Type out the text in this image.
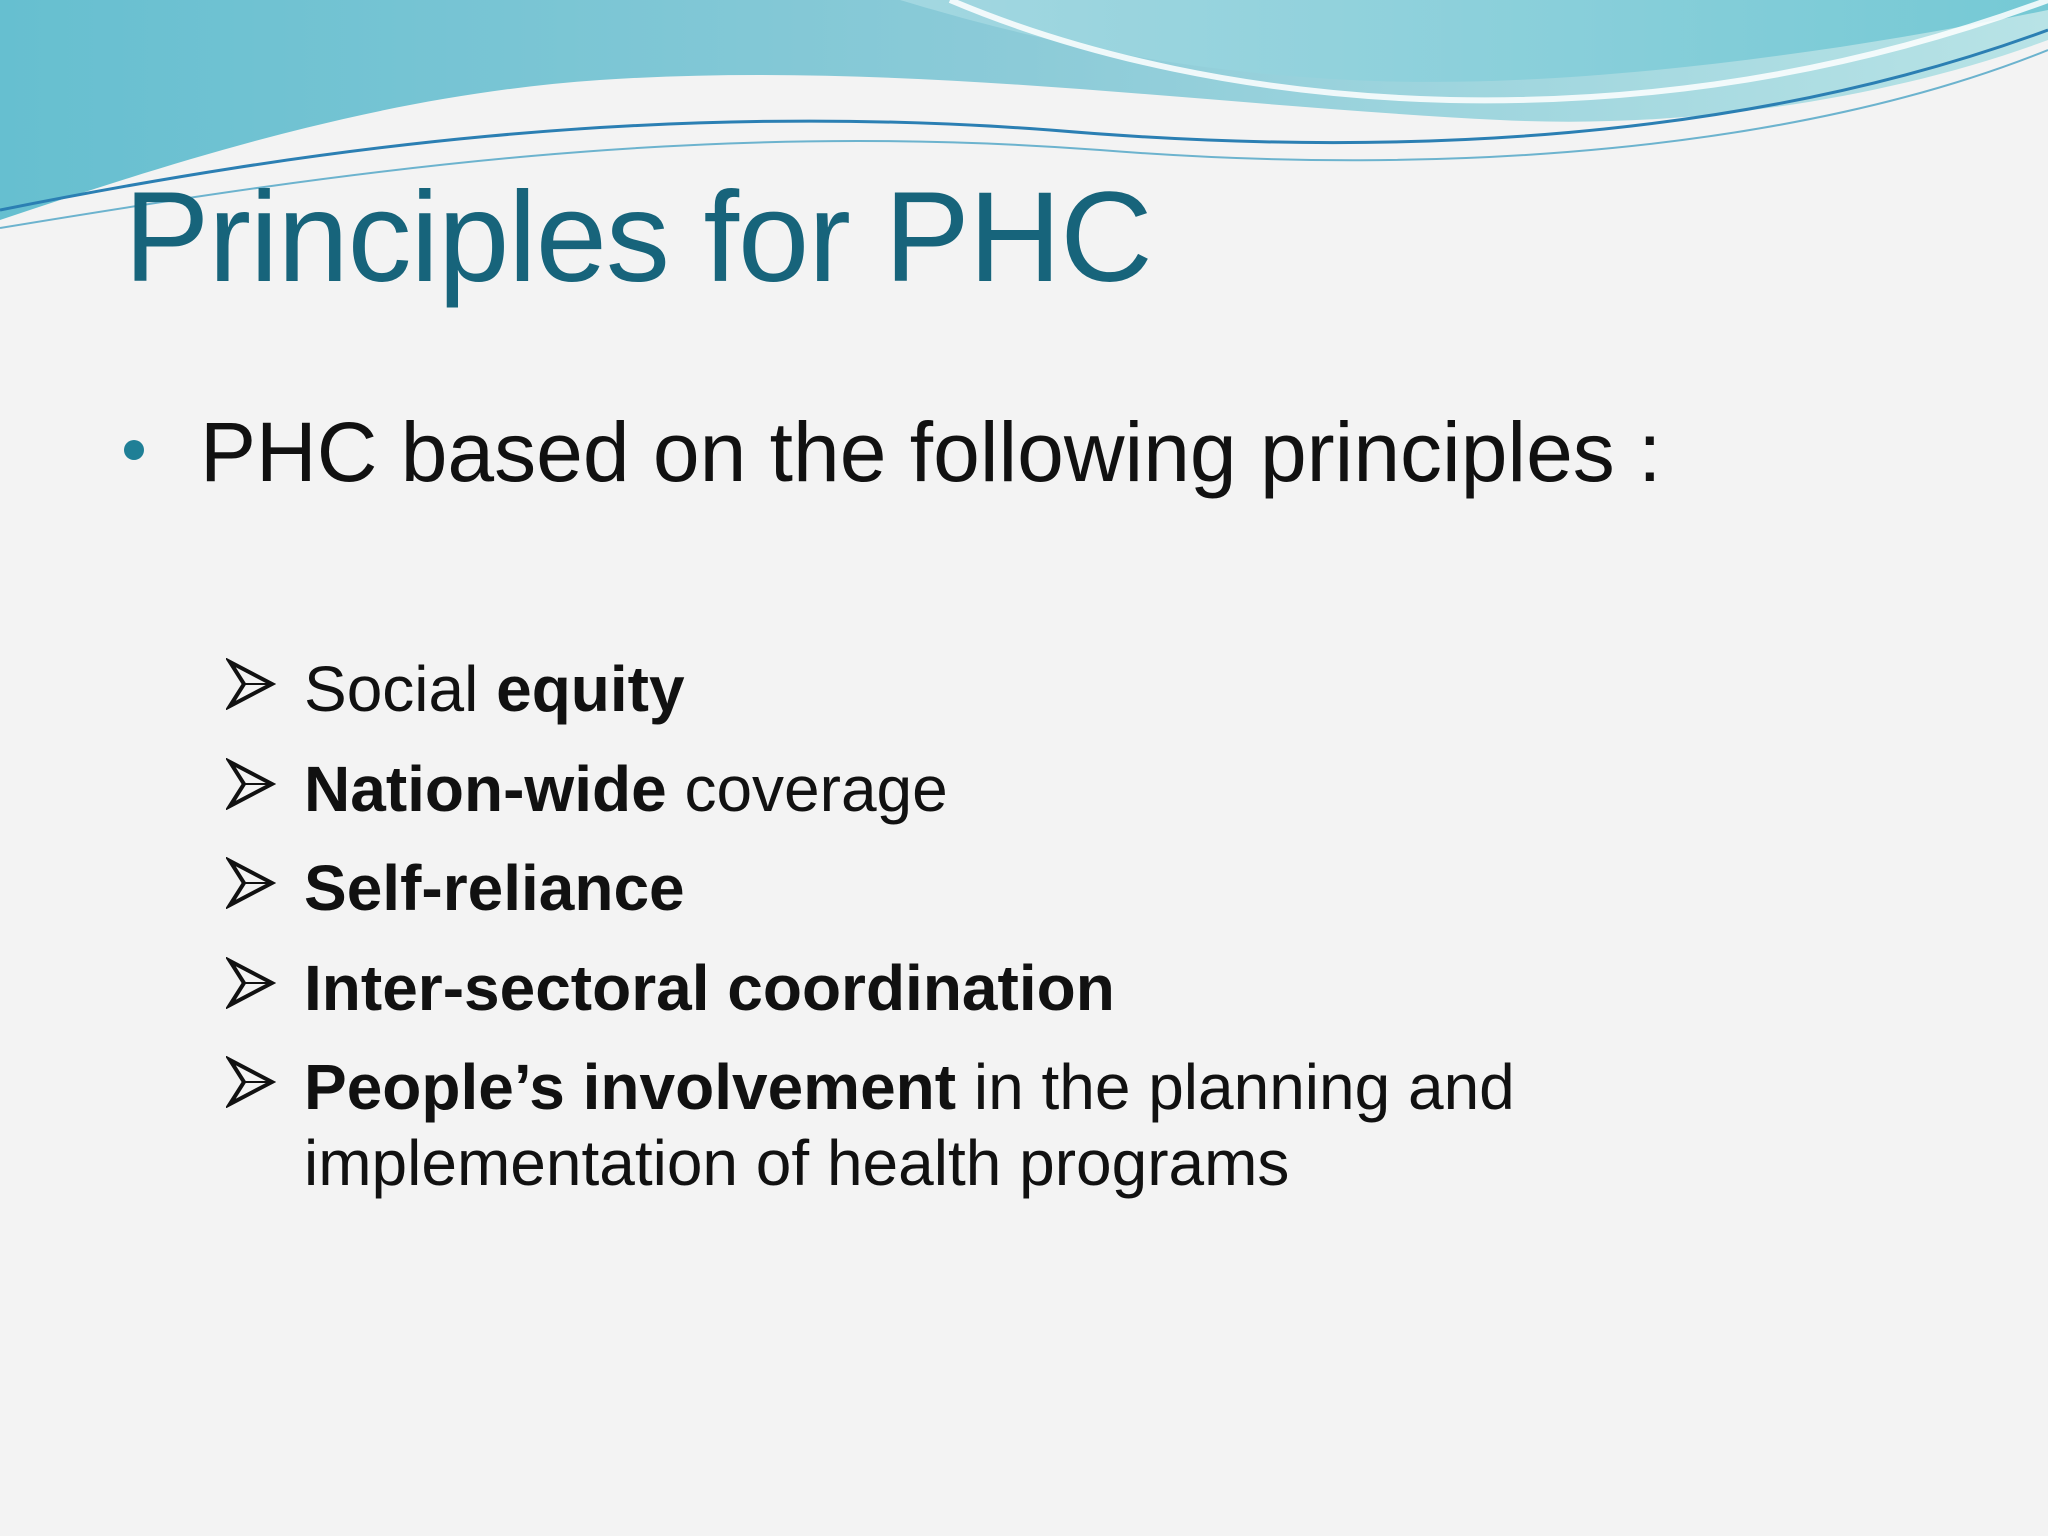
Principles for PHC
PHC based on the following principles :
Social equity
Nation-wide coverage
Self-reliance
Inter-sectoral coordination
People’s involvement in the planning and implementation of health programs
